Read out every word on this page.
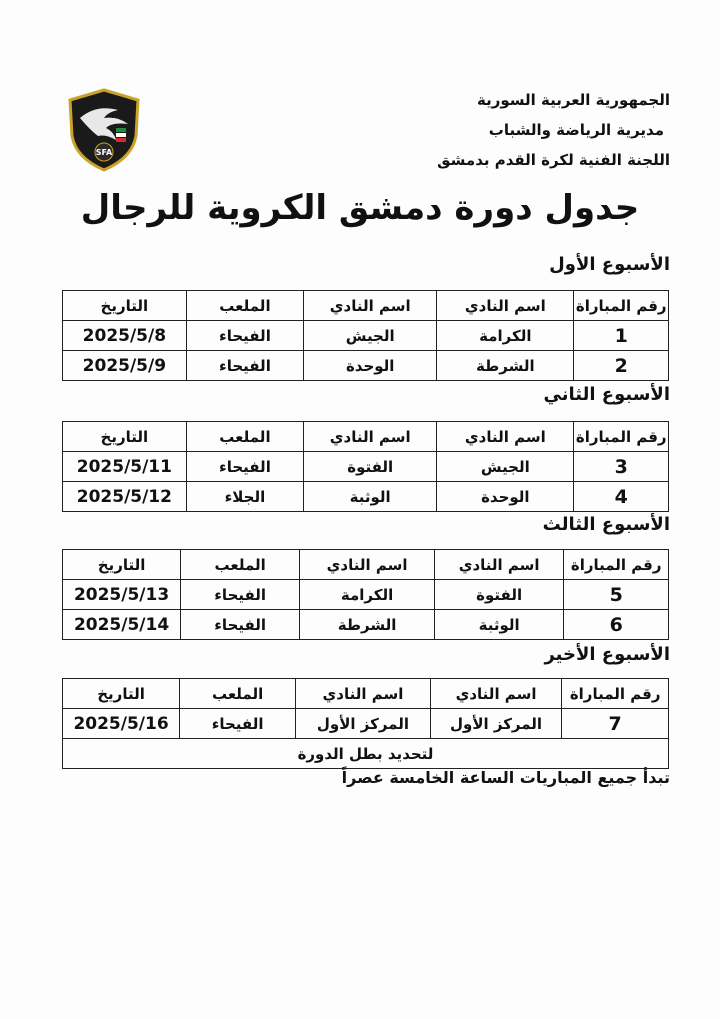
الجمهورية العربية السورية
مديرية الرياضة والشباب
اللجنة الفنية لكرة القدم بدمشق
SFA
جدول دورة دمشق الكروية للرجال
الأسبوع الأول
رقم المباراة	اسم النادي	اسم النادي	الملعب	التاريخ
1	الكرامة	الجيش	الفيحاء	2025/5/8
2	الشرطة	الوحدة	الفيحاء	2025/5/9
الأسبوع الثاني
رقم المباراة	اسم النادي	اسم النادي	الملعب	التاريخ
3	الجيش	الفتوة	الفيحاء	2025/5/11
4	الوحدة	الوثبة	الجلاء	2025/5/12
الأسبوع الثالث
رقم المباراة	اسم النادي	اسم النادي	الملعب	التاريخ
5	الفتوة	الكرامة	الفيحاء	2025/5/13
6	الوثبة	الشرطة	الفيحاء	2025/5/14
الأسبوع الأخير
رقم المباراة	اسم النادي	اسم النادي	الملعب	التاريخ
7	المركز الأول	المركز الأول	الفيحاء	2025/5/16
لتحديد بطل الدورة				
تبدأ جميع المباريات الساعة الخامسة عصراً
